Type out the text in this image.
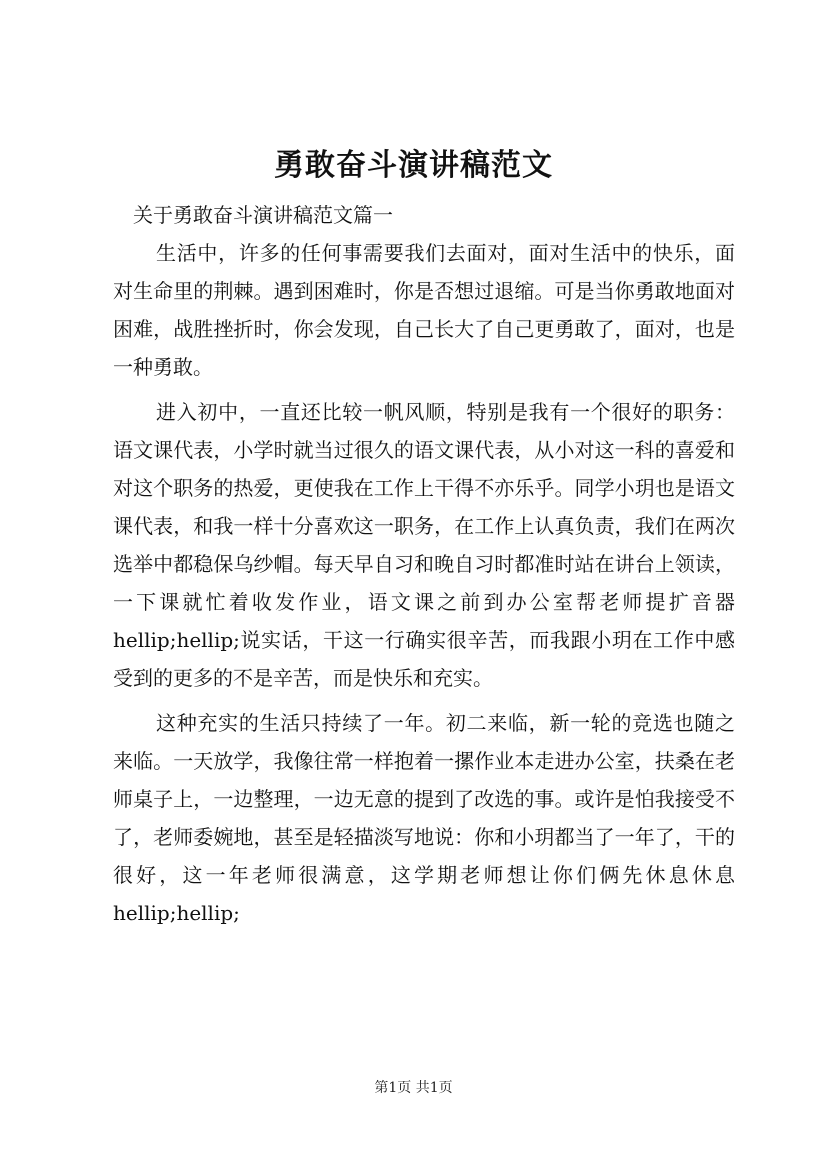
勇敢奋斗演讲稿范文

关于勇敢奋斗演讲稿范文篇一

生活中，许多的任何事需要我们去面对，面对生活中的快乐，面对生命里的荆棘。遇到困难时，你是否想过退缩。可是当你勇敢地面对困难，战胜挫折时，你会发现，自己长大了自己更勇敢了，面对，也是一种勇敢。

进入初中，一直还比较一帆风顺，特别是我有一个很好的职务：语文课代表，小学时就当过很久的语文课代表，从小对这一科的喜爱和对这个职务的热爱，更使我在工作上干得不亦乐乎。同学小玥也是语文课代表，和我一样十分喜欢这一职务，在工作上认真负责，我们在两次选举中都稳保乌纱帽。每天早自习和晚自习时都准时站在讲台上领读，一下课就忙着收发作业，语文课之前到办公室帮老师提扩音器 hellip;hellip;说实话，干这一行确实很辛苦，而我跟小玥在工作中感受到的更多的不是辛苦，而是快乐和充实。

这种充实的生活只持续了一年。初二来临，新一轮的竞选也随之来临。一天放学，我像往常一样抱着一摞作业本走进办公室，扶桑在老师桌子上，一边整理，一边无意的提到了改选的事。或许是怕我接受不了，老师委婉地，甚至是轻描淡写地说：你和小玥都当了一年了，干的很好，这一年老师很满意，这学期老师想让你们俩先休息休息 hellip;hellip;

第1页 共1页
